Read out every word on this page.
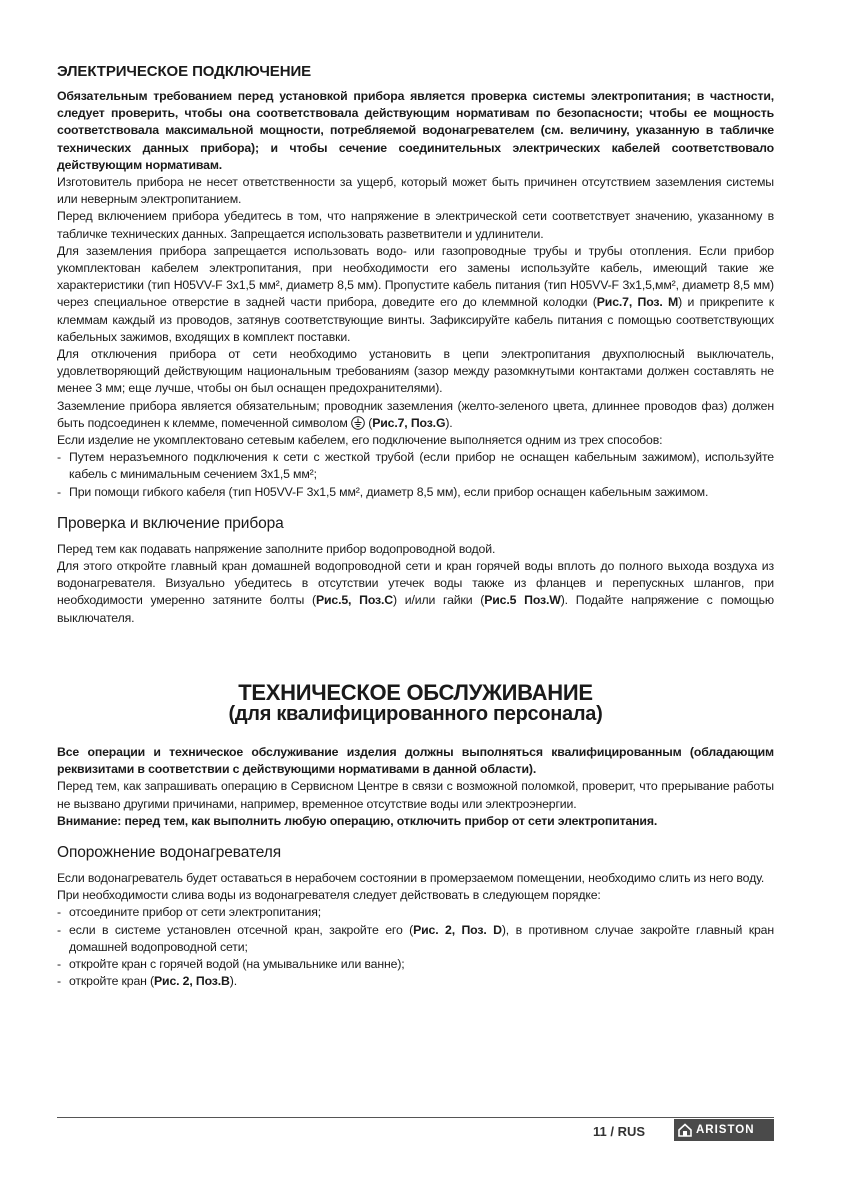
ЭЛЕКТРИЧЕСКОЕ ПОДКЛЮЧЕНИЕ

Обязательным требованием перед установкой прибора является проверка системы электропитания; в частности, следует проверить, чтобы она соответствовала действующим нормативам по безопасности; чтобы ее мощность соответствовала максимальной мощности, потребляемой водонагревателем (см. величину, указанную в табличке технических данных прибора); и чтобы сечение соединительных электрических кабелей соответствовало действующим нормативам.

Изготовитель прибора не несет ответственности за ущерб, который может быть причинен отсутствием заземления системы или неверным электропитанием.

Перед включением прибора убедитесь в том, что напряжение в электрической сети соответствует значению, указанному в табличке технических данных. Запрещается использовать разветвители и удлинители.

Для заземления прибора запрещается использовать водо- или газопроводные трубы и трубы отопления. Если прибор укомплектован кабелем электропитания, при необходимости его замены используйте кабель, имеющий такие же характеристики (тип H05VV-F 3x1,5 мм², диаметр 8,5 мм). Пропустите кабель питания (тип H05VV-F 3x1,5,мм², диаметр 8,5 мм) через специальное отверстие в задней части прибора, доведите его до клеммной колодки (Рис.7, Поз. M) и прикрепите к клеммам каждый из проводов, затянув соответствующие винты. Зафиксируйте кабель питания с помощью соответствующих кабельных зажимов, входящих в комплект поставки.

Для отключения прибора от сети необходимо установить в цепи электропитания двухполюсный выключатель, удовлетворяющий действующим национальным требованиям (зазор между разомкнутыми контактами должен составлять не менее 3 мм; еще лучше, чтобы он был оснащен предохранителями).

Заземление прибора является обязательным; проводник заземления (желто-зеленого цвета, длиннее проводов фаз) должен быть подсоединен к клемме, помеченной символом  (Рис.7, Поз.G).

Если изделие не укомплектовано сетевым кабелем, его подключение выполняется одним из трех способов:

- Путем неразъемного подключения к сети с жесткой трубой (если прибор не оснащен кабельным зажимом), используйте кабель с минимальным сечением 3x1,5 мм²;
- При помощи гибкого кабеля (тип H05VV-F 3x1,5 мм², диаметр 8,5 мм), если прибор оснащен кабельным зажимом.
Проверка и включение прибора

Перед тем как подавать напряжение заполните прибор водопроводной водой.

Для этого откройте главный кран домашней водопроводной сети и кран горячей воды вплоть до полного выхода воздуха из водонагревателя. Визуально убедитесь в отсутствии утечек воды также из фланцев и перепускных шлангов, при необходимости умеренно затяните болты (Рис.5, Поз.C) и/или гайки (Рис.5 Поз.W). Подайте напряжение с помощью выключателя.

ТЕХНИЧЕСКОЕ ОБСЛУЖИВАНИЕ

(для квалифицированного персонала)

Все операции и техническое обслуживание изделия должны выполняться квалифицированным (обладающим реквизитами в соответствии с действующими нормативами в данной области).

Перед тем, как запрашивать операцию в Сервисном Центре в связи с возможной поломкой, проверит, что прерывание работы не вызвано другими причинами, например, временное отсутствие воды или электроэнергии.

Внимание: перед тем, как выполнить любую операцию, отключить прибор от сети электропитания.

Опорожнение водонагревателя

Если водонагреватель будет оставаться в нерабочем состоянии в промерзаемом помещении, необходимо слить из него воду.

При необходимости слива воды из водонагревателя следует действовать в следующем порядке:

- отсоедините прибор от сети электропитания;
- если в системе установлен отсечной кран, закройте его (Рис. 2, Поз. D), в противном случае закройте главный кран домашней водопроводной сети;
- откройте кран с горячей водой (на умывальнике или ванне);
- откройте кран (Рис. 2, Поз.B).
11 / RUS	ARISTON
